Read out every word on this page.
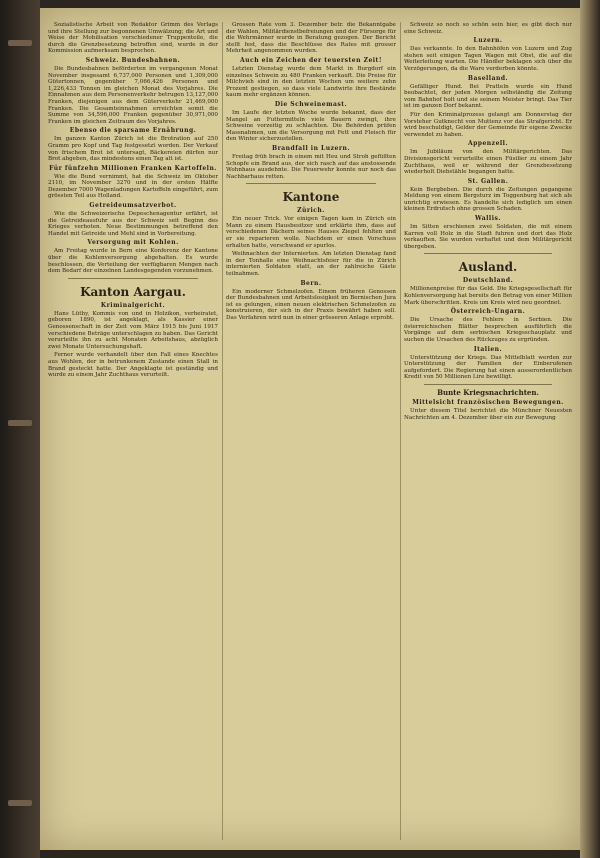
Sozialistische Arbeit von Redaktor Grimm des Verlags und ihre Stellung zur begonnenen Umwälzung; die Art und Weise der Mobilisation verschiedener Truppenteile, die durch die Grenzbesetzung betroffen sind, wurde in der Kommission aufmerksam besprochen.

Schweiz. Bundesbahnen.

Die Bundesbahnen beförderten im vergangenen Monat November insgesamt 6,737,000 Personen und 1,309,000 Gütertonnen, gegenüber 7,066,426 Personen und 1,226,433 Tonnen im gleichen Monat des Vorjahres. Die Einnahmen aus dem Personenverkehr betrugen 13,127,000 Franken, diejenigen aus dem Güterverkehr 21,469,000 Franken. Die Gesamteinnahmen erreichten somit die Summe von 34,596,000 Franken gegenüber 30,971,000 Franken im gleichen Zeitraum des Vorjahres.

Ebenso die sparsame Ernährung.

Im ganzen Kanton Zürich ist die Brotration auf 250 Gramm pro Kopf und Tag festgesetzt worden. Der Verkauf von frischem Brot ist untersagt, Bäckereien dürfen nur Brot abgeben, das mindestens einen Tag alt ist.

Für fünfzehn Millionen Franken Kartoffeln.

Wie die Bund vernimmt, hat die Schweiz im Oktober 2110, im November 3270 und in der ersten Hälfte Dezember 7000 Wagenladungen Kartoffeln eingeführt, zum grössten Teil aus Holland.

Getreideumsatzverbot.

Wie die Schweizerische Depeschenagentur erfährt, ist die Getreideausfuhr aus der Schweiz seit Beginn des Krieges verboten. Neue Bestimmungen betreffend den Handel mit Getreide und Mehl sind in Vorbereitung.

Versorgung mit Kohlen.

Am Freitag wurde in Bern eine Konferenz der Kantone über die Kohlenversorgung abgehalten. Es wurde beschlossen, die Verteilung der verfügbaren Mengen nach dem Bedarf der einzelnen Landesgegenden vorzunehmen.

Kanton Aargau.
Kriminalgericht.

Hans Lüthy, Kommis von und in Holzikon, verheiratet, geboren 1890, ist angeklagt, als Kassier einer Genossenschaft in der Zeit vom März 1915 bis Juni 1917 verschiedene Beträge unterschlagen zu haben. Das Gericht verurteilte ihn zu acht Monaten Arbeitshaus, abzüglich zwei Monate Untersuchungshaft.

Ferner wurde verhandelt über den Fall eines Knechtes aus Wohlen, der in betrunkenem Zustande einen Stall in Brand gesteckt hatte. Der Angeklagte ist geständig und wurde zu einem Jahr Zuchthaus verurteilt.

Grossen Rate vom 3. Dezember betr. die Bekanntgabe der Wahlen, Militärdienstbefreiungen und der Fürsorge für die Wehrmänner wurde in Beratung gezogen. Der Bericht stellt fest, dass die Beschlüsse des Rates mit grosser Mehrheit angenommen wurden.

Auch ein Zeichen der teuersten Zeit!

Letzten Dienstag wurde dem Markt in Burgdorf ein einzelnes Schwein zu 480 Franken verkauft. Die Preise für Milchvieh sind in den letzten Wochen um weitere zehn Prozent gestiegen, so dass viele Landwirte ihre Bestände kaum mehr ergänzen können.

Die Schweinemast.

Im Laufe der letzten Woche wurde bekannt, dass der Mangel an Futtermitteln viele Bauern zwingt, ihre Schweine vorzeitig zu schlachten. Die Behörden prüfen Massnahmen, um die Versorgung mit Fett und Fleisch für den Winter sicherzustellen.

Brandfall in Luzern.

Freitag früh brach in einem mit Heu und Stroh gefüllten Schopfe ein Brand aus, der sich rasch auf das anstossende Wohnhaus ausdehnte. Die Feuerwehr konnte nur noch das Nachbarhaus retten.

Kantone
Zürich.

Ein neuer Trick. Vor einigen Tagen kam in Zürich ein Mann zu einem Hausbesitzer und erklärte ihm, dass auf verschiedenen Dächern seines Hauses Ziegel fehlten und er sie reparieren wolle. Nachdem er einen Vorschuss erhalten hatte, verschwand er spurlos.

Weihnachten der Internierten. Am letzten Dienstag fand in der Tonhalle eine Weihnachtsfeier für die in Zürich internierten Soldaten statt, an der zahlreiche Gäste teilnahmen.

Bern.

Ein moderner Schmelzofen. Einem früheren Genossen der Bundesbahnen und Arbeitslosigkeit im Bernischen Jura ist es gelungen, einen neuen elektrischen Schmelzofen zu konstruieren, der sich in der Praxis bewährt haben soll. Das Verfahren wird nun in einer grösseren Anlage erprobt.

Schweiz so noch so schön sein hier, es gibt doch nur eine Schweiz.

Luzern.

Das verkannte. In den Bahnhöfen von Luzern und Zug stehen seit einigen Tagen Wagen mit Obst, die auf die Weiterleitung warten. Die Händler beklagen sich über die Verzögerungen, da die Ware verderben könnte.

Baselland.

Gefälliger Hund. Bei Pratteln wurde ein Hund beobachtet, der jeden Morgen selbständig die Zeitung vom Bahnhof holt und sie seinem Meister bringt. Das Tier ist im ganzen Dorf bekannt.

Für den Kriminalprozess gelangt am Donnerstag der Vorsteher Gutknecht von Muttenz vor das Strafgericht. Er wird beschuldigt, Gelder der Gemeinde für eigene Zwecke verwendet zu haben.

Appenzell.

Im Jubiläum von den Militärgerichten. Das Divisionsgericht verurteilte einen Füsilier zu einem Jahr Zuchthaus, weil er während der Grenzbesetzung wiederholt Diebstähle begangen hatte.

St. Gallen.

Kein Bergbeben. Die durch die Zeitungen gegangene Meldung von einem Bergsturz im Toggenburg hat sich als unrichtig erwiesen. Es handelte sich lediglich um einen kleinen Erdrutsch ohne grossen Schaden.

Wallis.

Im Sitten erschienen zwei Soldaten, die mit einem Karren voll Holz in die Stadt fuhren und dort das Holz verkauften. Sie wurden verhaftet und dem Militärgericht übergeben.

Ausland.
Deutschland.

Millionenpreise für das Geld. Die Kriegsgesellschaft für Kohlenversorgung hat bereits den Betrag von einer Million Mark überschritten. Kreis um Kreis wird neu geordnet.

Österreich-Ungarn.

Die Ursache des Fehlers in Serbien. Die österreichischen Blätter besprechen ausführlich die Vorgänge auf dem serbischen Kriegsschauplatz und suchen die Ursachen des Rückzuges zu ergründen.

Italien.

Unterstützung der Kriegs. Das Mittelblatt werden zur Unterstützung der Familien der Einberufenen aufgefordert. Die Regierung hat einen ausserordentlichen Kredit von 50 Millionen Lire bewilligt.

Bunte Kriegsnachrichten.
Mittelsicht französischen Bewegungen.

Unter diesem Titel berichtet die Münchner Neuesten Nachrichten am 4. Dezember über ein zur Bewegung
